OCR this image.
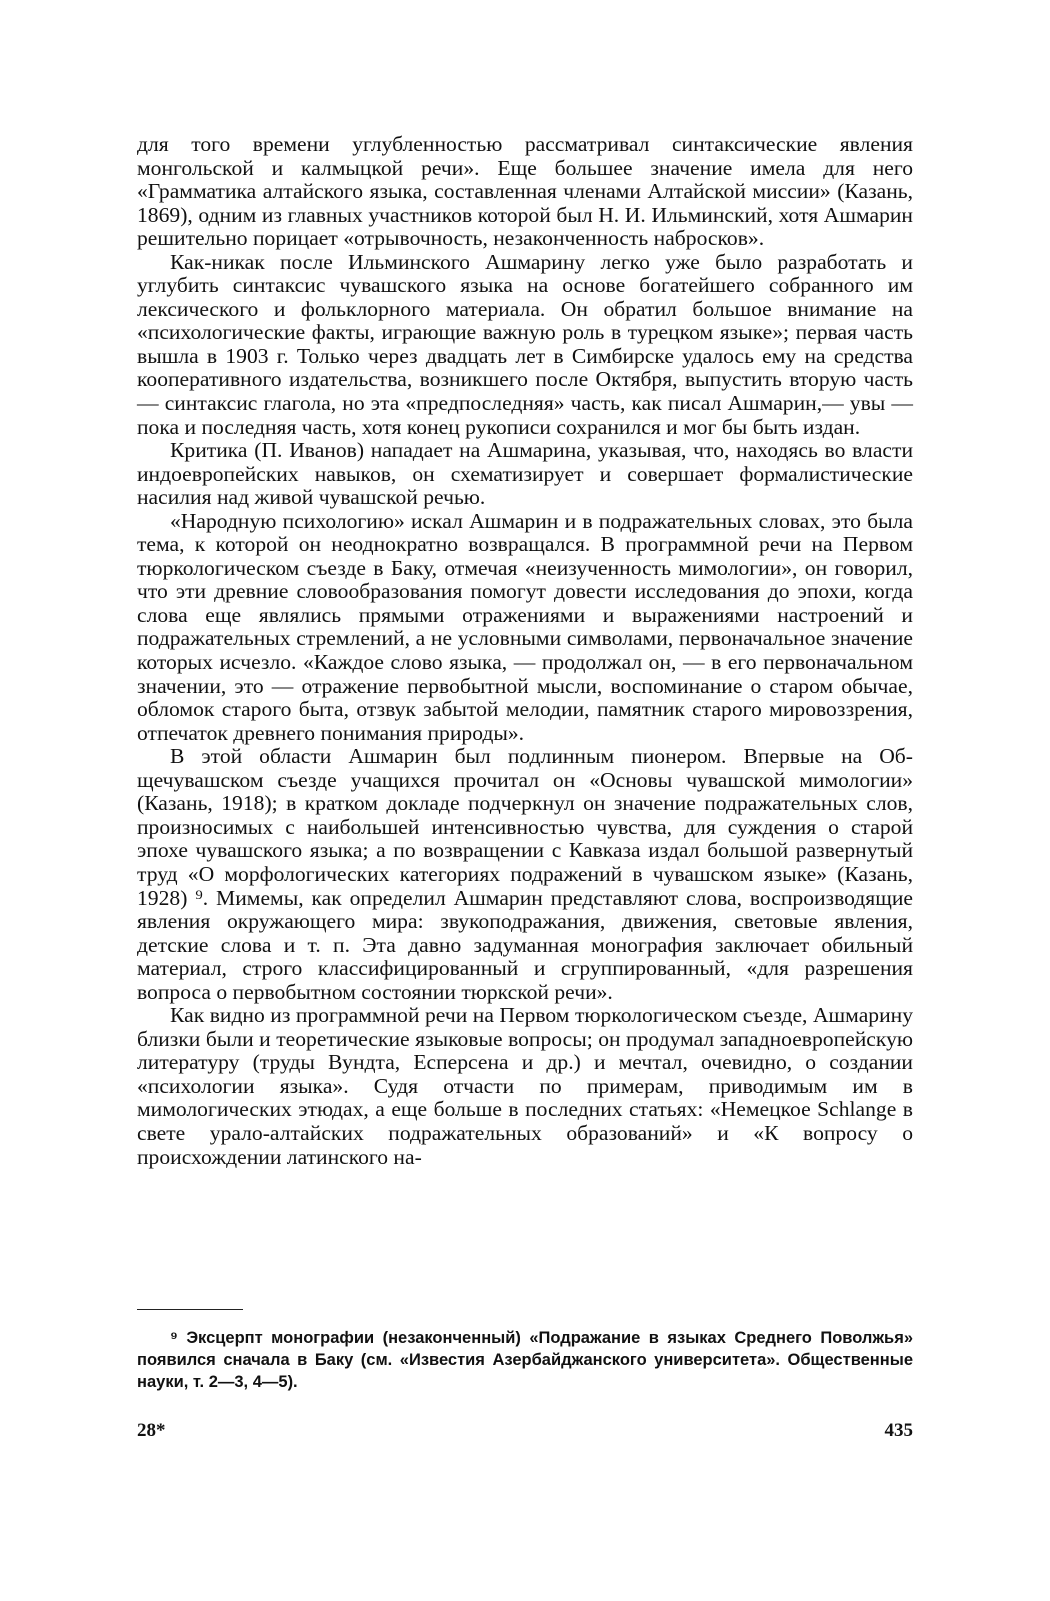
для того времени углубленностью рассматривал синтаксические явления монгольской и калмыцкой речи». Еще большее значение имела для него «Грамматика алтайского языка, составленная членами Алтайской миссии» (Казань, 1869), одним из главных участников которой был Н. И. Ильминский, хотя Ашмарин решительно порицает «отрывочность, незаконченность набросков».

Как-никак после Ильминского Ашмарину легко уже было разработать и углубить синтаксис чувашского языка на основе богатейшего собранного им лексического и фольклорного материала. Он обратил большое внимание на «психологические факты, играющие важную роль в турецком языке»; первая часть вышла в 1903 г. Только через двадцать лет в Симбирске удалось ему на средства кооперативного издательства, возникшего после Октября, выпустить вторую часть — синтаксис глагола, но эта «предпоследняя» часть, как писал Ашмарин,— увы — пока и последняя часть, хотя конец рукописи сохранился и мог бы быть издан.

Критика (П. Иванов) нападает на Ашмарина, указывая, что, находясь во власти индоевропейских навыков, он схематизирует и совершает формалистические насилия над живой чувашской речью.

«Народную психологию» искал Ашмарин и в подражательных словах, это была тема, к которой он неоднократно возвращался. В программной речи на Первом тюркологическом съезде в Баку, отмечая «неизученность мимологии», он говорил, что эти древние словообразования помогут довести исследования до эпохи, когда слова еще являлись прямыми отражениями и выражениями настроений и подражательных стремлений, а не условными символами, первоначальное значение которых исчезло. «Каждое слово языка, — продолжал он, — в его первоначальном значении, это — отражение первобытной мысли, воспоминание о старом обычае, обломок старого быта, отзвук забытой мелодии, памятник старого мировоззрения, отпечаток древнего понимания природы».

В этой области Ашмарин был подлинным пионером. Впервые на Общечувашском съезде учащихся прочитал он «Основы чувашской мимологии» (Казань, 1918); в кратком докладе подчеркнул он значение подражательных слов, произносимых с наибольшей интенсивностью чувства, для суждения о старой эпохе чувашского языка; а по возвращении с Кавказа издал большой развернутый труд «О морфологических категориях подражений в чувашском языке» (Казань, 1928) ⁹. Мимемы, как определил Ашмарин представляют слова, воспроизводящие явления окружающего мира: звукоподражания, движения, световые явления, детские слова и т. п. Эта давно задуманная монография заключает обильный материал, строго классифицированный и сгруппированный, «для разрешения вопроса о первобытном состоянии тюркской речи».

Как видно из программной речи на Первом тюркологическом съезде, Ашмарину близки были и теоретические языковые вопросы; он продумал западноевропейскую литературу (труды Вундта, Есперсена и др.) и мечтал, очевидно, о создании «психологии языка». Судя отчасти по примерам, приводимым им в мимологических этюдах, а еще больше в последних статьях: «Немецкое Schlange в свете урало-алтайских подражательных образований» и «К вопросу о происхождении латинского на-

⁹ Эксцерпт монографии (незаконченный) «Подражание в языках Среднего Поволжья» появился сначала в Баку (см. «Известия Азербайджанского университета». Общественные науки, т. 2—3, 4—5).

28*	435
